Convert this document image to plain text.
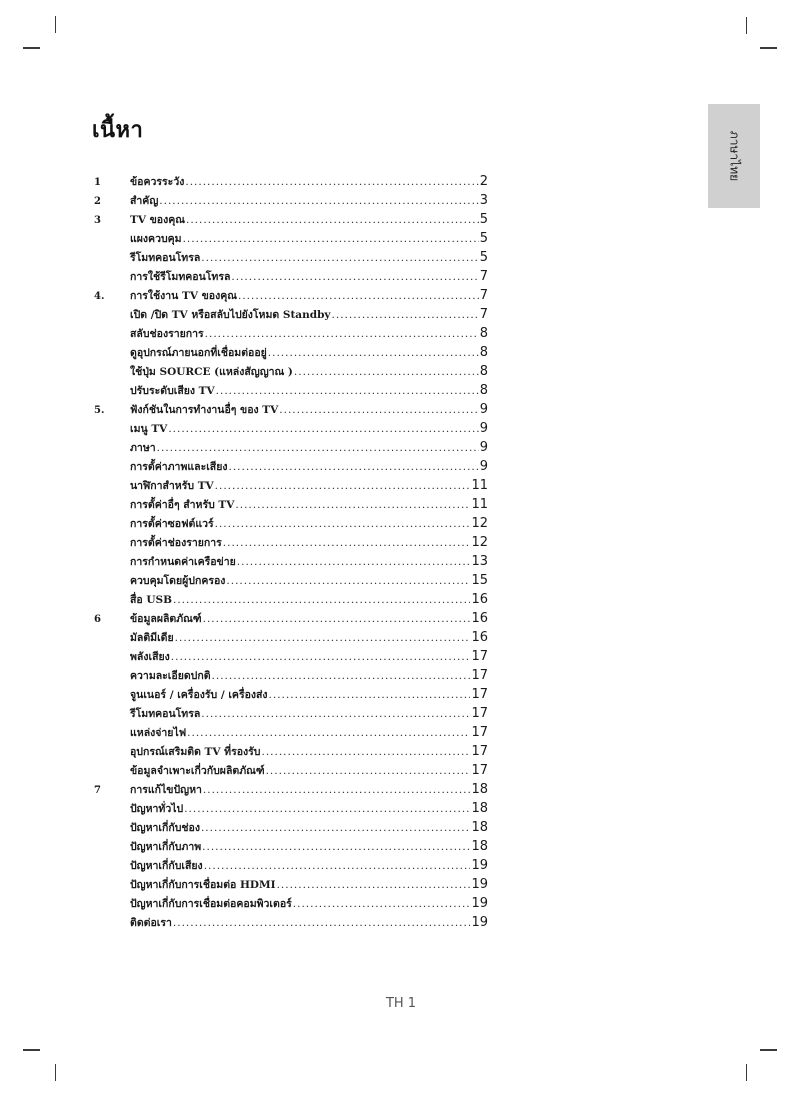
เนื้หา
ภาษาไทย
1	ข้อควรระวัง .....	2
2	สำคัญ .....	3
3	TV ของคุณ .....	5
แผงควบคุม .....	5
รีโมทคอนโทรล .....	5
การใช้รีโมทคอนโทรล .....	7
4.	การใช้งาน TV ของคุณ .....	7
เปิด /ปิด TV หรือสลับไปยังโหมด Standby .....	7
สลับช่องรายการ .....	8
ดูอุปกรณ์ภายนอกที่เชื่อมต่ออยู่ .....	8
ใช้ปุ่ม SOURCE (แหล่งสัญญาณ ) .....	8
ปรับระดับเสียง TV .....	8
5.	ฟังก์ชันในการทำงานอื่ๆ ของ TV .....	9
เมนู TV .....	9
ภาษา .....	9
การตั้ค่าภาพและเสียง .....	9
นาฬิกาสำหรับ TV .....	11
การตั้ค่าอื่ๆ สำหรับ TV .....	11
การตั้ค่าซอฟต์แวร์ .....	12
การตั้ค่าช่องรายการ .....	12
การกำหนดค่าเครือข่าย .....	13
ควบคุมโดยผู้ปกครอง .....	15
สื่อ USB .....	16
6	ข้อมูลผลิตภัณฑ์ .....	16
มัลติมีเดีย .....	16
พลังเสียง .....	17
ความละเอียดปกติ .....	17
จูนเนอร์ / เครื่องรับ / เครื่องส่ง .....	17
รีโมทคอนโทรล .....	17
แหล่งจ่ายไฟ .....	17
อุปกรณ์เสริมติด TV ที่รองรับ .....	17
ข้อมูลจำเพาะเกี่วกับผลิตภัณฑ์ .....	17
7	การแก้ไขปัญหา .....	18
ปัญหาทั่วไป .....	18
ปัญหาเกี่กับช่อง .....	18
ปัญหาเกี่กับภาพ .....	18
ปัญหาเกี่กับเสียง .....	19
ปัญหาเกี่กับการเชื่อมต่อ HDMI .....	19
ปัญหาเกี่กับการเชื่อมต่อคอมพิวเตอร์ .....	19
ติดต่อเรา .....	19
TH 1
